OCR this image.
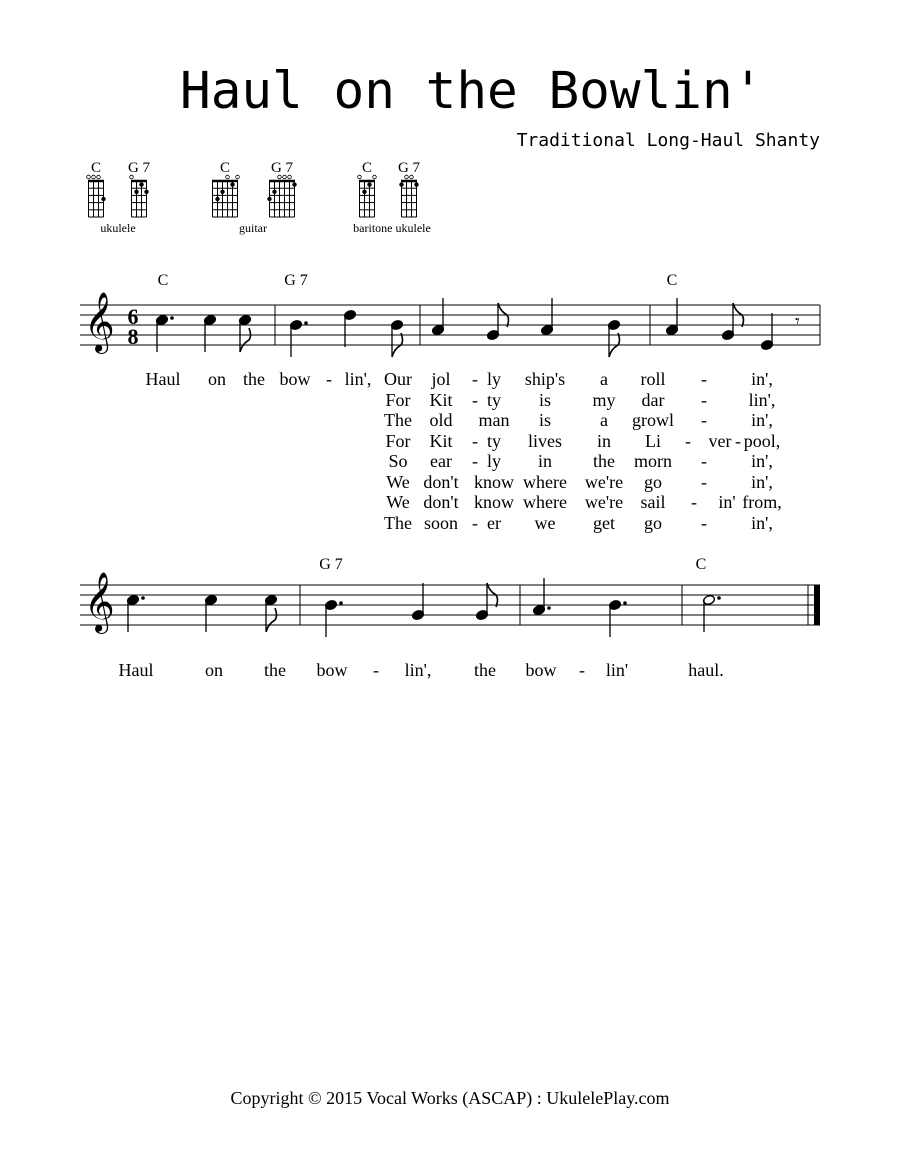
Haul on the Bowlin'
Traditional Long-Haul Shanty
C G 7	C	G 7	C G 7
ukulele	guitar	baritone ukulele
𝄞 6
8
𝄾
C	G 7	C
𝄞
G 7	C
Haul on the bow - lin', Our jol - ly ship's a roll - in',
For Kit - ty is my dar - lin',
The old man is	a growl - in',
For Kit - ty lives in Li - ver - pool,
So ear - ly in the morn - in',
We don't know where we're go - in',
We don't know where we're sail - in' from,
The soon - er we get go - in',
Haul	on the bow - lin', the bow - lin'	haul.
Copyright © 2015 Vocal Works (ASCAP) : UkulelePlay.com
